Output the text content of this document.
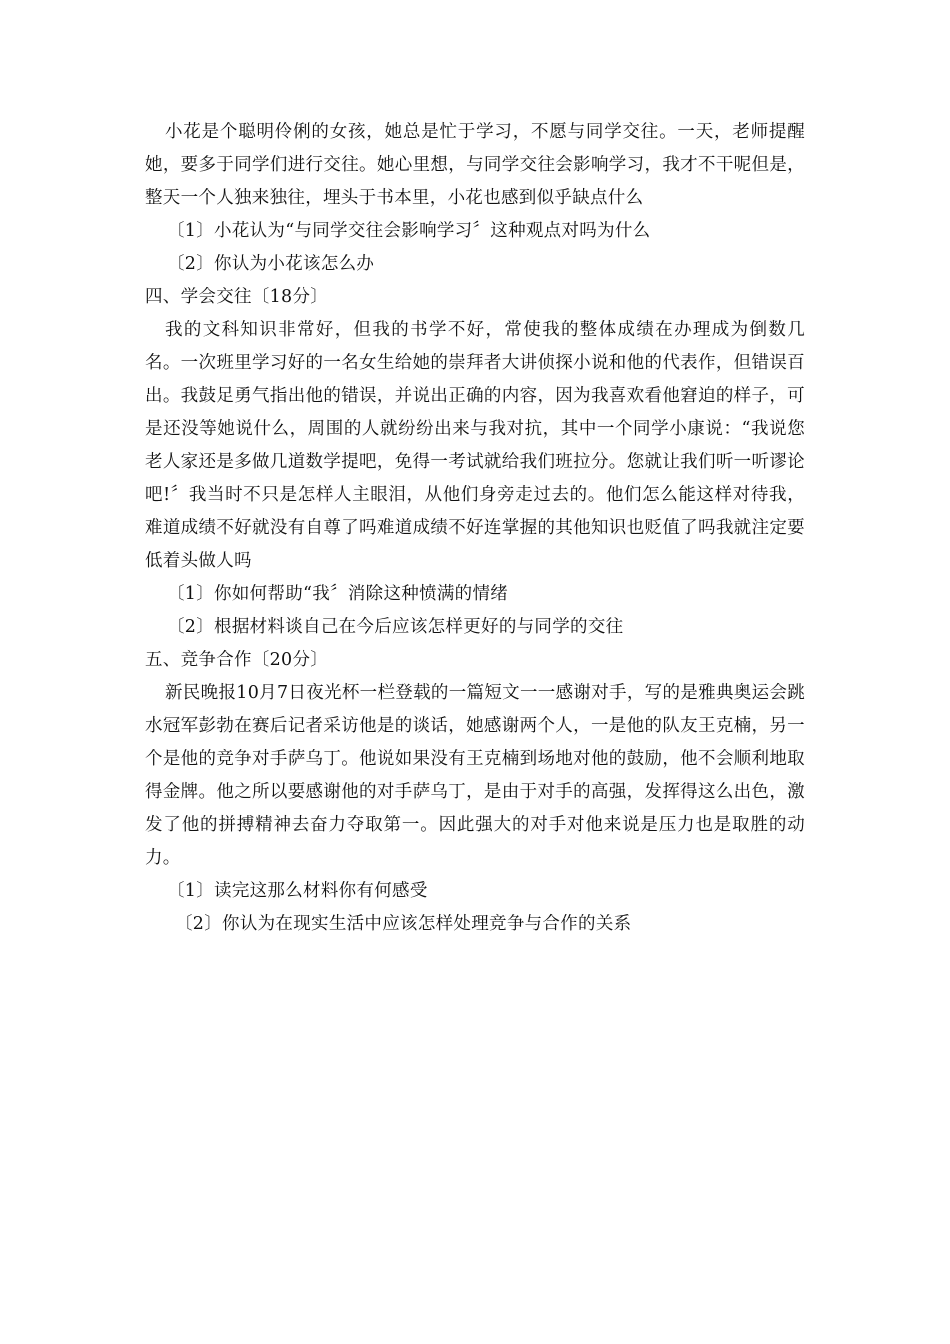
小花是个聪明伶俐的女孩，她总是忙于学习，不愿与同学交往。一天，老师提醒她，要多于同学们进行交往。她心里想，与同学交往会影响学习，我才不干呢但是，整天一个人独来独往，埋头于书本里，小花也感到似乎缺点什么

〔1〕小花认为“与同学交往会影响学习〞这种观点对吗为什么

〔2〕你认为小花该怎么办

四、学会交往〔18分〕

我的文科知识非常好，但我的书学不好，常使我的整体成绩在办理成为倒数几名。一次班里学习好的一名女生给她的崇拜者大讲侦探小说和他的代表作，但错误百出。我鼓足勇气指出他的错误，并说出正确的内容，因为我喜欢看他窘迫的样子，可是还没等她说什么，周围的人就纷纷出来与我对抗，其中一个同学小康说：“我说您老人家还是多做几道数学提吧，免得一考试就给我们班拉分。您就让我们听一听谬论吧!〞我当时不只是怎样人主眼泪，从他们身旁走过去的。他们怎么能这样对待我，难道成绩不好就没有自尊了吗难道成绩不好连掌握的其他知识也贬值了吗我就注定要低着头做人吗

〔1〕你如何帮助“我〞消除这种愤满的情绪

〔2〕根据材料谈自己在今后应该怎样更好的与同学的交往

五、竞争合作〔20分〕

新民晚报10月7日夜光杯一栏登载的一篇短文一一感谢对手，写的是雅典奥运会跳水冠军彭勃在赛后记者采访他是的谈话，她感谢两个人，一是他的队友王克楠，另一个是他的竞争对手萨乌丁。他说如果没有王克楠到场地对他的鼓励，他不会顺利地取得金牌。他之所以要感谢他的对手萨乌丁，是由于对手的高强，发挥得这么出色，激发了他的拼搏精神去奋力夺取第一。因此强大的对手对他来说是压力也是取胜的动力。

〔1〕读完这那么材料你有何感受

〔2〕你认为在现实生活中应该怎样处理竞争与合作的关系
